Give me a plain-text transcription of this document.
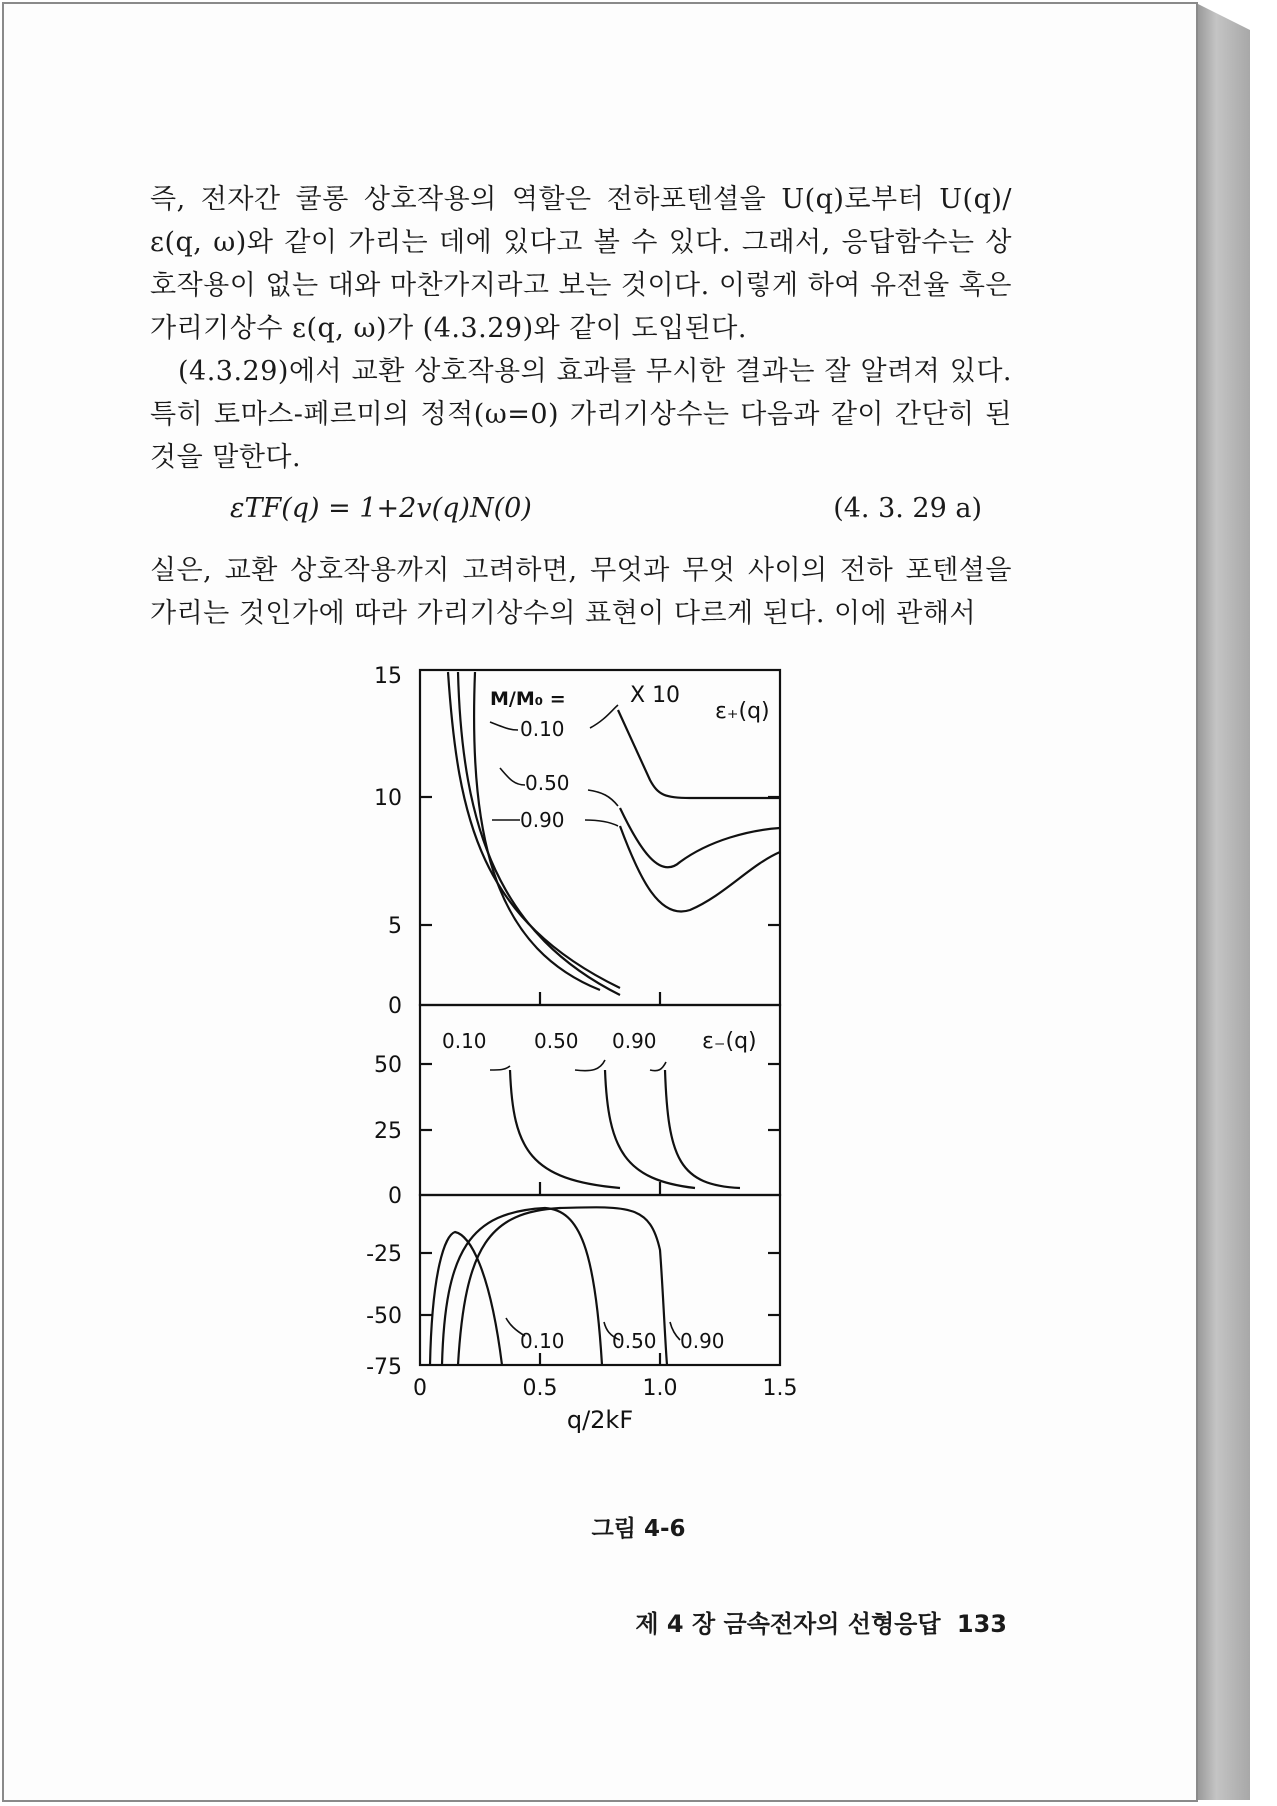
즉, 전자간 쿨롱 상호작용의 역할은 전하포텐셜을 U(q)로부터 U(q)/ε(q, ω)와 같이 가리는 데에 있다고 볼 수 있다. 그래서, 응답함수는 상호작용이 없는 대와 마찬가지라고 보는 것이다. 이렇게 하여 유전율 혹은 가리기상수 ε(q, ω)가 (4.3.29)와 같이 도입된다.

(4.3.29)에서 교환 상호작용의 효과를 무시한 결과는 잘 알려져 있다. 특히 토마스-페르미의 정적(ω=0) 가리기상수는 다음과 같이 간단히 된 것을 말한다.

εTF(q) = 1+2v(q)N(0)	(4. 3. 29 a)

실은, 교환 상호작용까지 고려하면, 무엇과 무엇 사이의 전하 포텐셜을 가리는 것인가에 따라 가리기상수의 표현이 다르게 된다. 이에 관해서

15
10
5
0
M/M₀ =	X 10
ε₊(q)
0.10
0.50
0.90
50
25
0
0.10 0.50 0.90 ε₋(q)
-25
-50
-75
0.10 0.50 0.90
0	0.5	1.0	1.5
q/2kF
그림 4-6
제 4 장 금속전자의 선형응답 133
